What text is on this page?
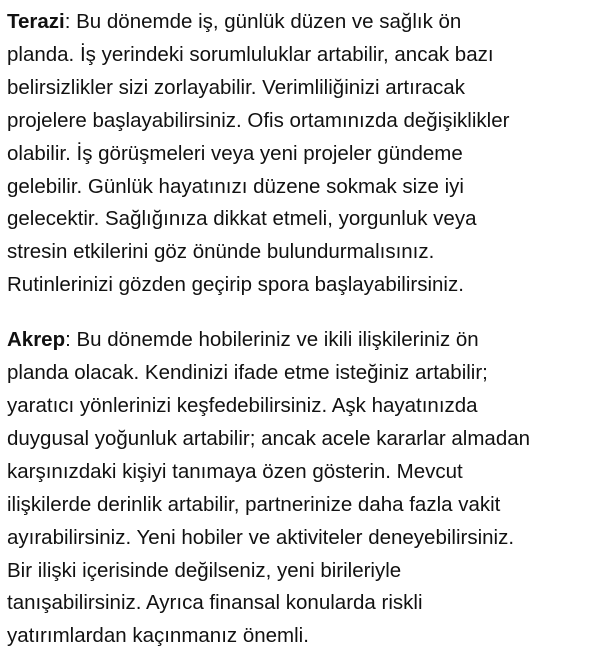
Terazi: Bu dönemde iş, günlük düzen ve sağlık ön
planda. İş yerindeki sorumluluklar artabilir, ancak bazı
belirsizlikler sizi zorlayabilir. Verimliliğinizi artıracak
projelere başlayabilirsiniz. Ofis ortamınızda değişiklikler
olabilir. İş görüşmeleri veya yeni projeler gündeme
gelebilir. Günlük hayatınızı düzene sokmak size iyi
gelecektir. Sağlığınıza dikkat etmeli, yorgunluk veya
stresin etkilerini göz önünde bulundurmalısınız.
Rutinlerinizi gözden geçirip spora başlayabilirsiniz.

Akrep: Bu dönemde hobileriniz ve ikili ilişkileriniz ön
planda olacak. Kendinizi ifade etme isteğiniz artabilir;
yaratıcı yönlerinizi keşfedebilirsiniz. Aşk hayatınızda
duygusal yoğunluk artabilir; ancak acele kararlar almadan
karşınızdaki kişiyi tanımaya özen gösterin. Mevcut
ilişkilerde derinlik artabilir, partnerinize daha fazla vakit
ayırabilirsiniz. Yeni hobiler ve aktiviteler deneyebilirsiniz.
Bir ilişki içerisinde değilseniz, yeni birileriyle
tanışabilirsiniz. Ayrıca finansal konularda riskli
yatırımlardan kaçınmanız önemli.
